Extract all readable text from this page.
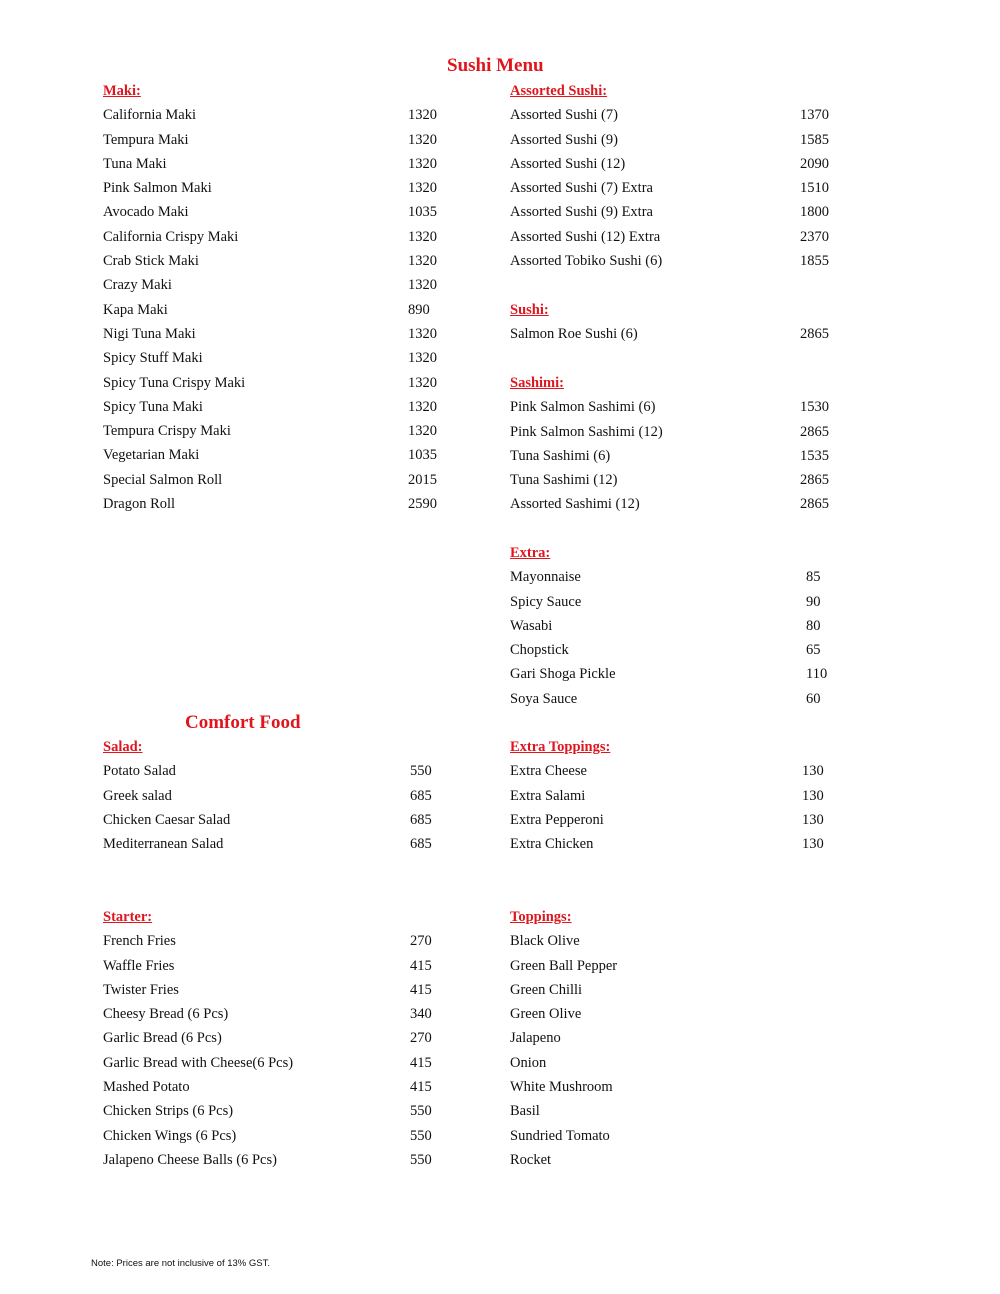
Sushi Menu
Comfort Food
Maki:
California Maki	1320
Tempura Maki	1320
Tuna Maki	1320
Pink Salmon Maki	1320
Avocado Maki	1035
California Crispy Maki	1320
Crab Stick Maki	1320
Crazy Maki	1320
Kapa Maki	890
Nigi Tuna Maki	1320
Spicy Stuff Maki	1320
Spicy Tuna Crispy Maki	1320
Spicy Tuna Maki	1320
Tempura Crispy Maki	1320
Vegetarian Maki	1035
Special Salmon Roll	2015
Dragon Roll	2590
Salad:
Potato Salad	550
Greek salad	685
Chicken Caesar Salad	685
Mediterranean Salad	685
Starter:
French Fries	270
Waffle Fries	415
Twister Fries	415
Cheesy Bread (6 Pcs)	340
Garlic Bread (6 Pcs)	270
Garlic Bread with Cheese(6 Pcs)	415
Mashed Potato	415
Chicken Strips (6 Pcs)	550
Chicken Wings (6 Pcs)	550
Jalapeno Cheese Balls (6 Pcs)	550
Assorted Sushi:
Assorted Sushi (7)	1370
Assorted Sushi (9)	1585
Assorted Sushi (12)	2090
Assorted Sushi (7) Extra	1510
Assorted Sushi (9) Extra	1800
Assorted Sushi (12) Extra	2370
Assorted Tobiko Sushi (6)	1855
Sushi:
Salmon Roe Sushi (6)	2865
Sashimi:
Pink Salmon Sashimi (6)	1530
Pink Salmon Sashimi (12)	2865
Tuna Sashimi (6)	1535
Tuna Sashimi (12)	2865
Assorted Sashimi (12)	2865
Extra:
Mayonnaise	85
Spicy Sauce	90
Wasabi	80
Chopstick	65
Gari Shoga Pickle	110
Soya Sauce	60
Extra Toppings:
Extra Cheese	130
Extra Salami	130
Extra Pepperoni	130
Extra Chicken	130
Toppings:
Black Olive
Green Ball Pepper
Green Chilli
Green Olive
Jalapeno
Onion
White Mushroom
Basil
Sundried Tomato
Rocket
Note: Prices are not inclusive of 13% GST.
